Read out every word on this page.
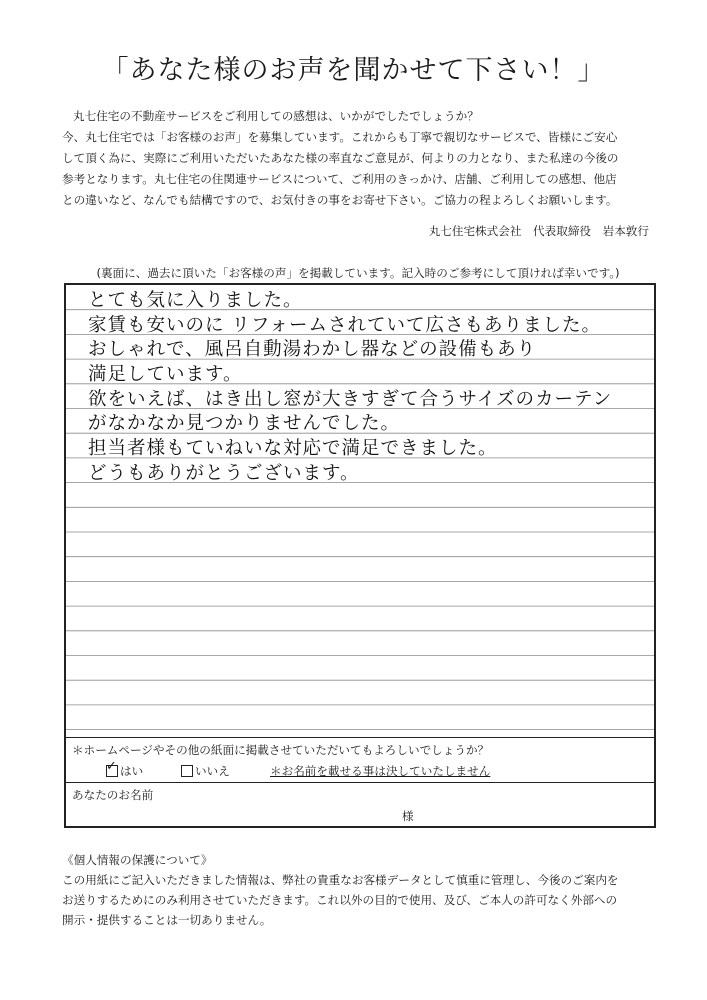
「あなた様のお声を聞かせて下さい！」

丸七住宅の不動産サービスをご利用しての感想は、いかがでしたでしょうか？

今、丸七住宅では「お客様のお声」を募集しています。これからも丁寧で親切なサービスで、皆様にご安心

して頂く為に、実際にご利用いただいたあなた様の率直なご意見が、何よりの力となり、また私達の今後の

参考となります。丸七住宅の住関連サービスについて、ご利用のきっかけ、店舗、ご利用しての感想、他店

との違いなど、なんでも結構ですので、お気付きの事をお寄せ下さい。ご協力の程よろしくお願いします。

丸七住宅株式会社　代表取締役　岩本敦行
(裏面に、過去に頂いた「お客様の声」を掲載しています。記入時のご参考にして頂ければ幸いです。)
とても気に入りました。
家賃も安いのに リフォームされていて広さもありました。
おしゃれで、風呂自動湯わかし器などの設備もあり
満足しています。
欲をいえば、はき出し窓が大きすぎて合うサイズのカーテン
がなかなか見つかりませんでした。
担当者様もていねいな対応で満足できました。
どうもありがとうございます。
＊ホームページやその他の紙面に掲載させていただいてもよろしいでしょうか？
✓ はい	いいえ	＊お名前を載せる事は決していたしません
あなたのお名前
様

《個人情報の保護について》

この用紙にご記入いただきました情報は、弊社の貴重なお客様データとして慎重に管理し、今後のご案内を

お送りするためにのみ利用させていただきます。これ以外の目的で使用、及び、ご本人の許可なく外部への

開示・提供することは一切ありません。
